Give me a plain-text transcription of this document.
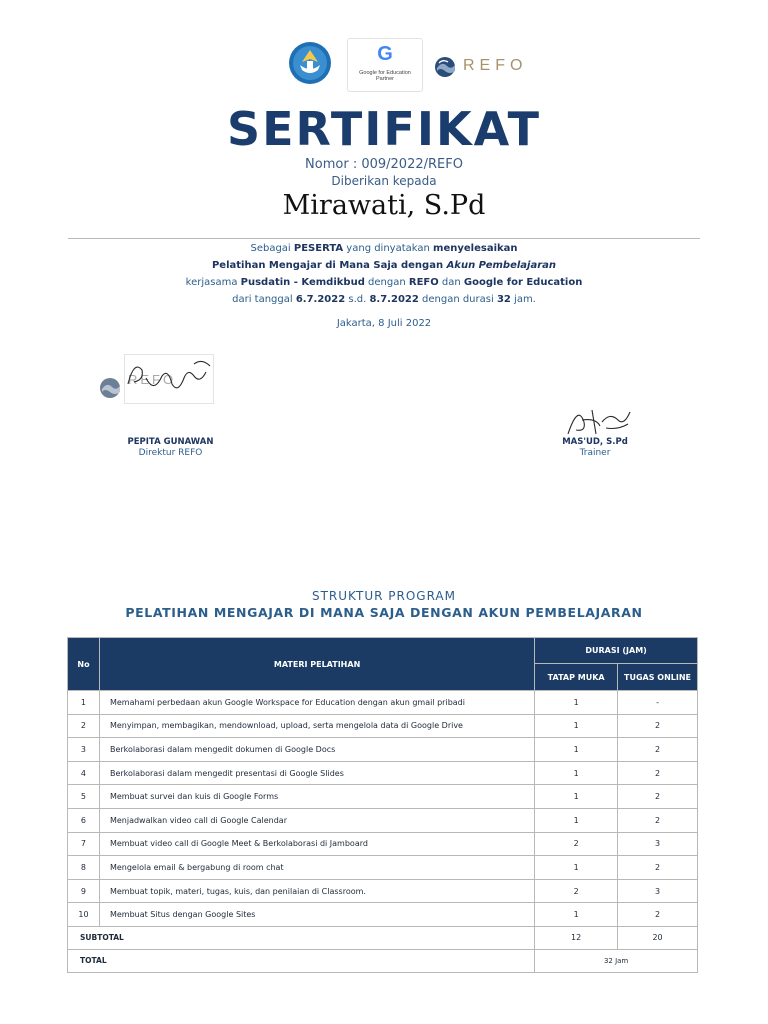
G
Google for Education
Partner
REFO
SERTIFIKAT
Nomor : 009/2022/REFO
Diberikan kepada
Mirawati, S.Pd
Sebagai PESERTA yang dinyatakan menyelesaikan
Pelatihan Mengajar di Mana Saja dengan Akun Pembelajaran
kerjasama Pusdatin - Kemdikbud dengan REFO dan Google for Education
dari tanggal 6.7.2022 s.d. 8.7.2022 dengan durasi 32 jam.
Jakarta, 8 Juli 2022
REFO
PEPITA GUNAWAN
Direktur REFO
MAS'UD, S.Pd
Trainer
STRUKTUR PROGRAM
PELATIHAN MENGAJAR DI MANA SAJA DENGAN AKUN PEMBELAJARAN
No	MATERI PELATIHAN	DURASI (JAM)	
		TATAP MUKA	TUGAS ONLINE
1	Memahami perbedaan akun Google Workspace for Education dengan akun gmail pribadi	1	-
2	Menyimpan, membagikan, mendownload, upload, serta mengelola data di Google Drive	1	2
3	Berkolaborasi dalam mengedit dokumen di Google Docs	1	2
4	Berkolaborasi dalam mengedit presentasi di Google Slides	1	2
5	Membuat survei dan kuis di Google Forms	1	2
6	Menjadwalkan video call di Google Calendar	1	2
7	Membuat video call di Google Meet & Berkolaborasi di Jamboard	2	3
8	Mengelola email & bergabung di room chat	1	2
9	Membuat topik, materi, tugas, kuis, dan penilaian di Classroom.	2	3
10	Membuat Situs dengan Google Sites	1	2
SUBTOTAL		12	20
TOTAL		32 Jam	
